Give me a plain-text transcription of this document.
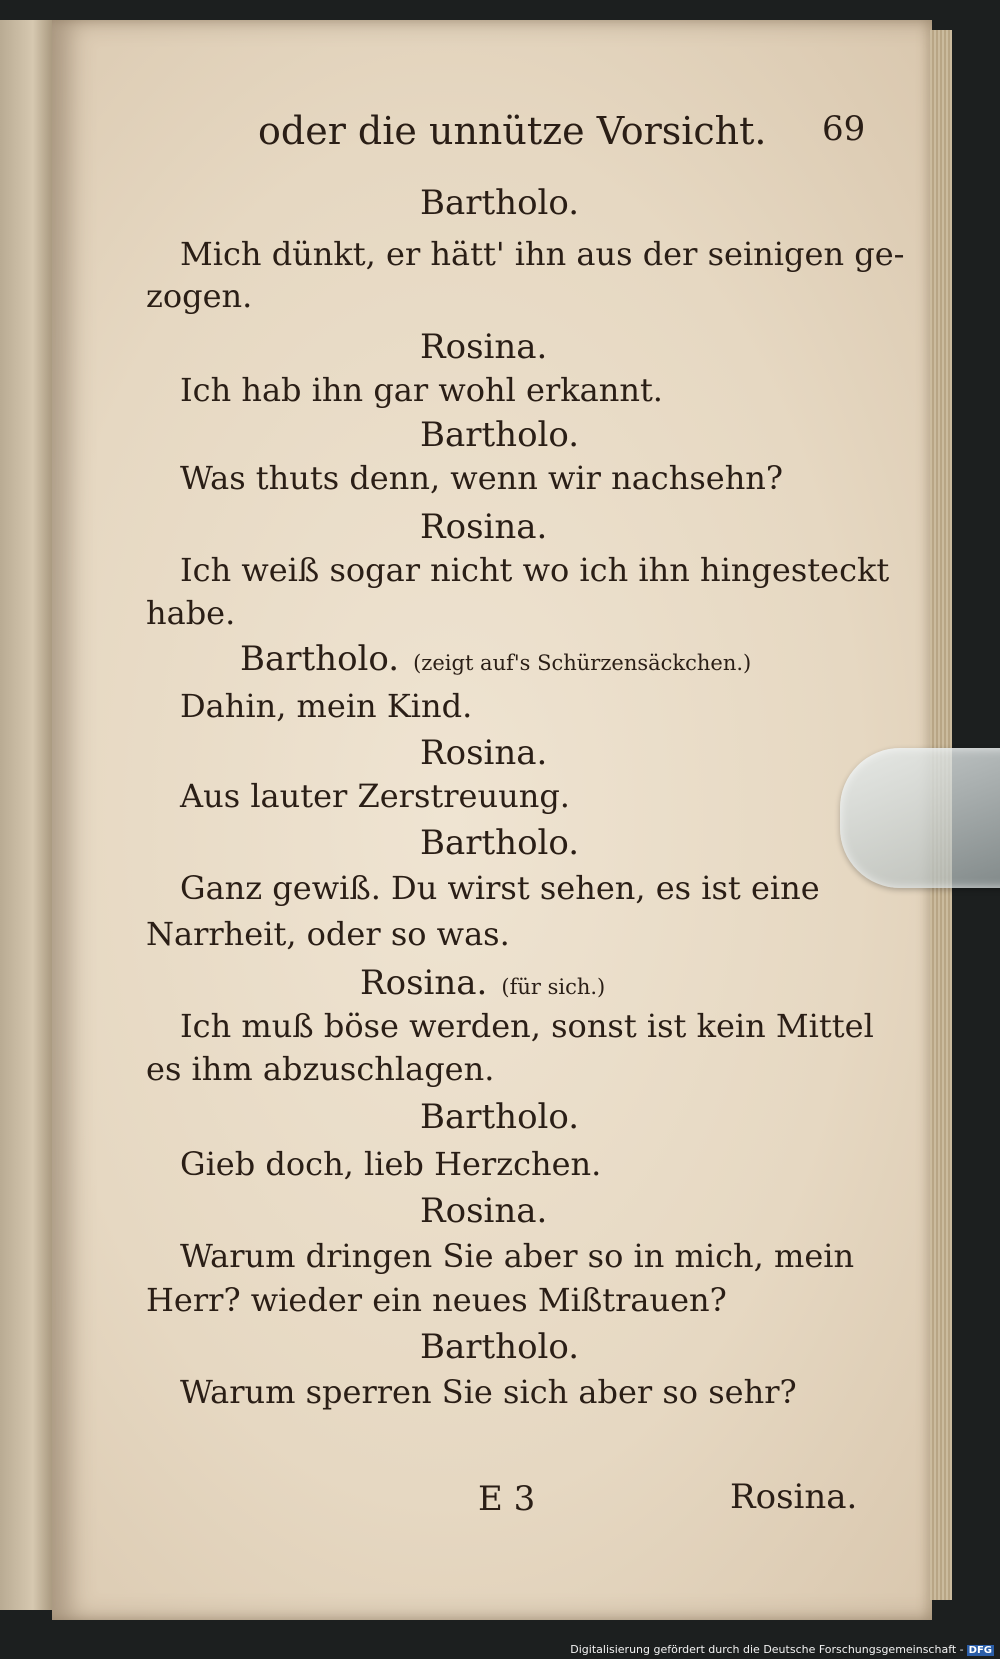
oder die unnütze Vorsicht. 69
Bartholo.
Mich dünkt, er hätt' ihn aus der seinigen ge-
zogen.
Rosina.
Ich hab ihn gar wohl erkannt.
Bartholo.
Was thuts denn, wenn wir nachsehn?
Rosina.
Ich weiß sogar nicht wo ich ihn hingesteckt
habe.
Bartholo. (zeigt auf's Schürzensäckchen.)
Dahin, mein Kind.
Rosina.
Aus lauter Zerstreuung.
Bartholo.
Ganz gewiß. Du wirst sehen, es ist eine
Narrheit, oder so was.
Rosina. (für sich.)
Ich muß böse werden, sonst ist kein Mittel
es ihm abzuschlagen.
Bartholo.
Gieb doch, lieb Herzchen.
Rosina.
Warum dringen Sie aber so in mich, mein
Herr? wieder ein neues Mißtrauen?
Bartholo.
Warum sperren Sie sich aber so sehr?
E 3	Rosina.
Digitalisierung gefördert durch die Deutsche Forschungsgemeinschaft - DFG
